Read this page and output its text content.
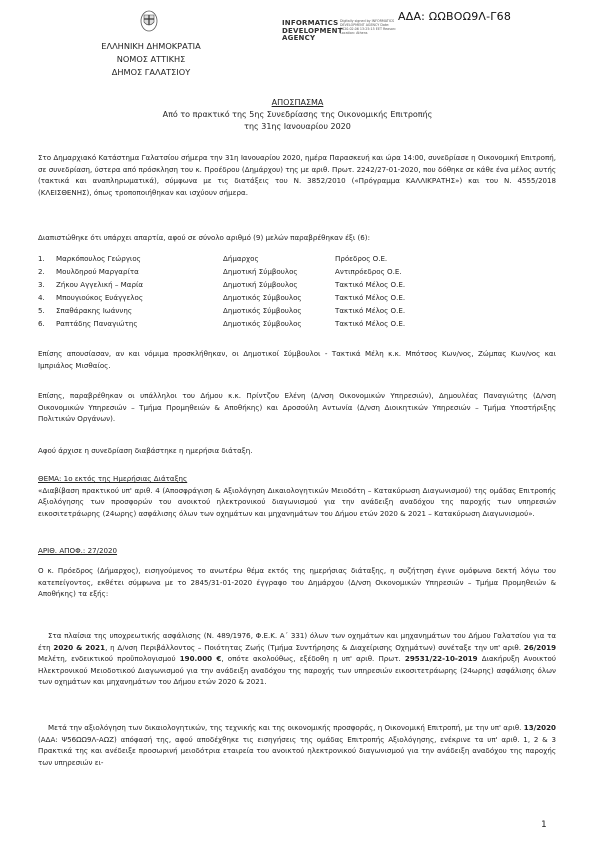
ΑΔΑ: ΩΩΒΟΩ9Λ-Γ68
ΕΛΛΗΝΙΚΗ ΔΗΜΟΚΡΑΤΙΑ
ΝΟΜΟΣ ΑΤΤΙΚΗΣ
ΔΗΜΟΣ ΓΑΛΑΤΣΙΟΥ
INFORMATICS
DEVELOPMENT
AGENCY
Digitally signed by INFORMATICS DEVELOPMENT AGENCY Date: 2020.02.06 13:25:15 EET Reason: Location: Athens
ΑΠΟΣΠΑΣΜΑ
Από το πρακτικό της 5ης Συνεδρίασης της Οικονομικής Επιτροπής
της 31ης Ιανουαρίου 2020
Στο Δημαρχιακό Κατάστημα Γαλατσίου σήμερα την 31η Ιανουαρίου 2020, ημέρα Παρασκευή και ώρα 14:00, συνεδρίασε η Οικονομική Επιτροπή, σε συνεδρίαση, ύστερα από πρόσκληση του κ. Προέδρου (Δημάρχου) της με αριθ. Πρωτ. 2242/27-01-2020, που δόθηκε σε κάθε ένα μέλος αυτής (τακτικά και αναπληρωματικά), σύμφωνα με τις διατάξεις του Ν. 3852/2010 («Πρόγραμμα ΚΑΛΛΙΚΡΑΤΗΣ») και του Ν. 4555/2018 (ΚΛΕΙΣΘΕΝΗΣ), όπως τροποποιήθηκαν και ισχύουν σήμερα.
Διαπιστώθηκε ότι υπάρχει απαρτία, αφού σε σύνολο αριθμό (9) μελών παραβρέθηκαν έξι (6):
1. Μαρκόπουλος Γεώργιος	Δήμαρχος	Πρόεδρος Ο.Ε.
2. Μουλδηρού Μαργαρίτα	Δημοτική Σύμβουλος	Αντιπρόεδρος Ο.Ε.
3. Ζήκου Αγγελική – Μαρία	Δημοτική Σύμβουλος	Τακτικό Μέλος Ο.Ε.
4. Μπουγιούκος Ευάγγελος	Δημοτικός Σύμβουλος	Τακτικό Μέλος Ο.Ε.
5. Σπαθάρακης Ιωάννης	Δημοτικός Σύμβουλος	Τακτικό Μέλος Ο.Ε.
6. Ραπτάδης Παναγιώτης	Δημοτικός Σύμβουλος	Τακτικό Μέλος Ο.Ε.
Επίσης απουσίασαν, αν και νόμιμα προσκλήθηκαν, οι Δημοτικοί Σύμβουλοι - Τακτικά Μέλη κ.κ. Μπότσος Κων/νος, Ζώμπας Κων/νος και Ιμπριάλος Μισθαίος.
Επίσης, παραβρέθηκαν οι υπάλληλοι του Δήμου κ.κ. Πρίντζου Ελένη (Δ/νση Οικονομικών Υπηρεσιών), Δημουλέας Παναγιώτης (Δ/νση Οικονομικών Υπηρεσιών – Τμήμα Προμηθειών & Αποθήκης) και Δροσούλη Αντωνία (Δ/νση Διοικητικών Υπηρεσιών – Τμήμα Υποστήριξης Πολιτικών Οργάνων).
Αφού άρχισε η συνεδρίαση διαβάστηκε η ημερήσια διάταξη.
ΘΕΜΑ: 1ο εκτός της Ημερήσιας Διάταξης
«Διαβίβαση πρακτικού υπ' αριθ. 4 (Αποσφράγιση & Αξιολόγηση Δικαιολογητικών Μειοδότη – Κατακύρωση Διαγωνισμού) της ομάδας Επιτροπής Αξιολόγησης των προσφορών του ανοικτού ηλεκτρονικού διαγωνισμού για την ανάδειξη αναδόχου της παροχής των υπηρεσιών εικοσιτετράωρης (24ωρης) ασφάλισης όλων των οχημάτων και μηχανημάτων του Δήμου ετών 2020 & 2021 – Κατακύρωση Διαγωνισμού».
ΑΡΙΘ. ΑΠΟΦ.: 27/2020
Ο κ. Πρόεδρος (Δήμαρχος), εισηγούμενος το ανωτέρω θέμα εκτός της ημερήσιας διάταξης, η συζήτηση έγινε ομόφωνα δεκτή λόγω του κατεπείγοντος, εκθέτει σύμφωνα με το 2845/31-01-2020 έγγραφο του Δημάρχου (Δ/νση Οικονομικών Υπηρεσιών – Τμήμα Προμηθειών & Αποθήκης) τα εξής:
Στα πλαίσια της υποχρεωτικής ασφάλισης (Ν. 489/1976, Φ.Ε.Κ. Α΄ 331) όλων των οχημάτων και μηχανημάτων του Δήμου Γαλατσίου για τα έτη 2020 & 2021, η Δ/νση Περιβάλλοντος – Ποιότητας Ζωής (Τμήμα Συντήρησης & Διαχείρισης Οχημάτων) συνέταξε την υπ' αριθ. 26/2019 Μελέτη, ενδεικτικού προϋπολογισμού 190.000 €, οπότε ακολούθως, εξέδοθη η υπ' αριθ. Πρωτ. 29531/22-10-2019 Διακήρυξη Ανοικτού Ηλεκτρονικού Μειοδοτικού Διαγωνισμού για την ανάδειξη αναδόχου της παροχής των υπηρεσιών εικοσιτετράωρης (24ωρης) ασφάλισης όλων των οχημάτων και μηχανημάτων του Δήμου ετών 2020 & 2021.
Μετά την αξιολόγηση των δικαιολογητικών, της τεχνικής και της οικονομικής προσφοράς, η Οικονομική Επιτροπή, με την υπ' αριθ. 13/2020 (ΑΔΑ: Ψ56ΩΩ9Λ-ΑΩΖ) απόφασή της, αφού αποδέχθηκε τις εισηγήσεις της ομάδας Επιτροπής Αξιολόγησης, ενέκρινε τα υπ' αριθ. 1, 2 & 3 Πρακτικά της και ανέδειξε προσωρινή μειοδότρια εταιρεία του ανοικτού ηλεκτρονικού διαγωνισμού για την ανάδειξη αναδόχου της παροχής των υπηρεσιών ει-
1
